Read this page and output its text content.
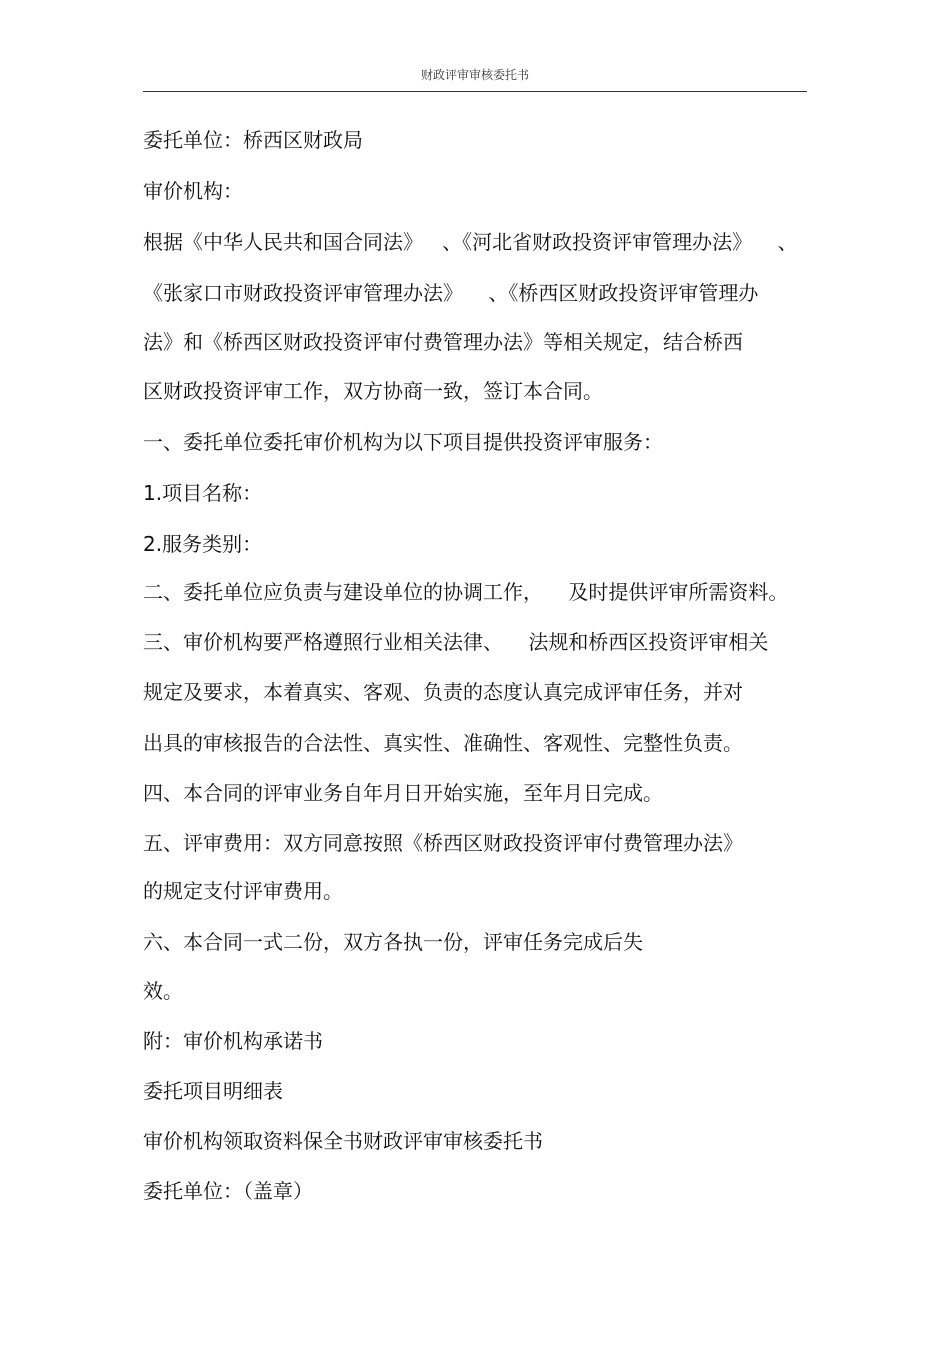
财政评审审核委托书
委托单位：桥西区财政局
审价机构：
根据《中华人民共和国合同法》   、《河北省财政投资评审管理办法》    、
《张家口市财政投资评审管理办法》    、《桥西区财政投资评审管理办
法》和《桥西区财政投资评审付费管理办法》等相关规定，结合桥西
区财政投资评审工作，双方协商一致，签订本合同。
一、委托单位委托审价机构为以下项目提供投资评审服务：
1.项目名称：
2.服务类别：
二、委托单位应负责与建设单位的协调工作，    及时提供评审所需资料。
三、审价机构要严格遵照行业相关法律、    法规和桥西区投资评审相关
规定及要求，本着真实、客观、负责的态度认真完成评审任务，并对
出具的审核报告的合法性、真实性、准确性、客观性、完整性负责。
四、本合同的评审业务自年月日开始实施，至年月日完成。
五、评审费用：双方同意按照《桥西区财政投资评审付费管理办法》
的规定支付评审费用。
六、本合同一式二份，双方各执一份，评审任务完成后失
效。
附：审价机构承诺书
委托项目明细表
审价机构领取资料保全书财政评审审核委托书
委托单位：（盖章）
